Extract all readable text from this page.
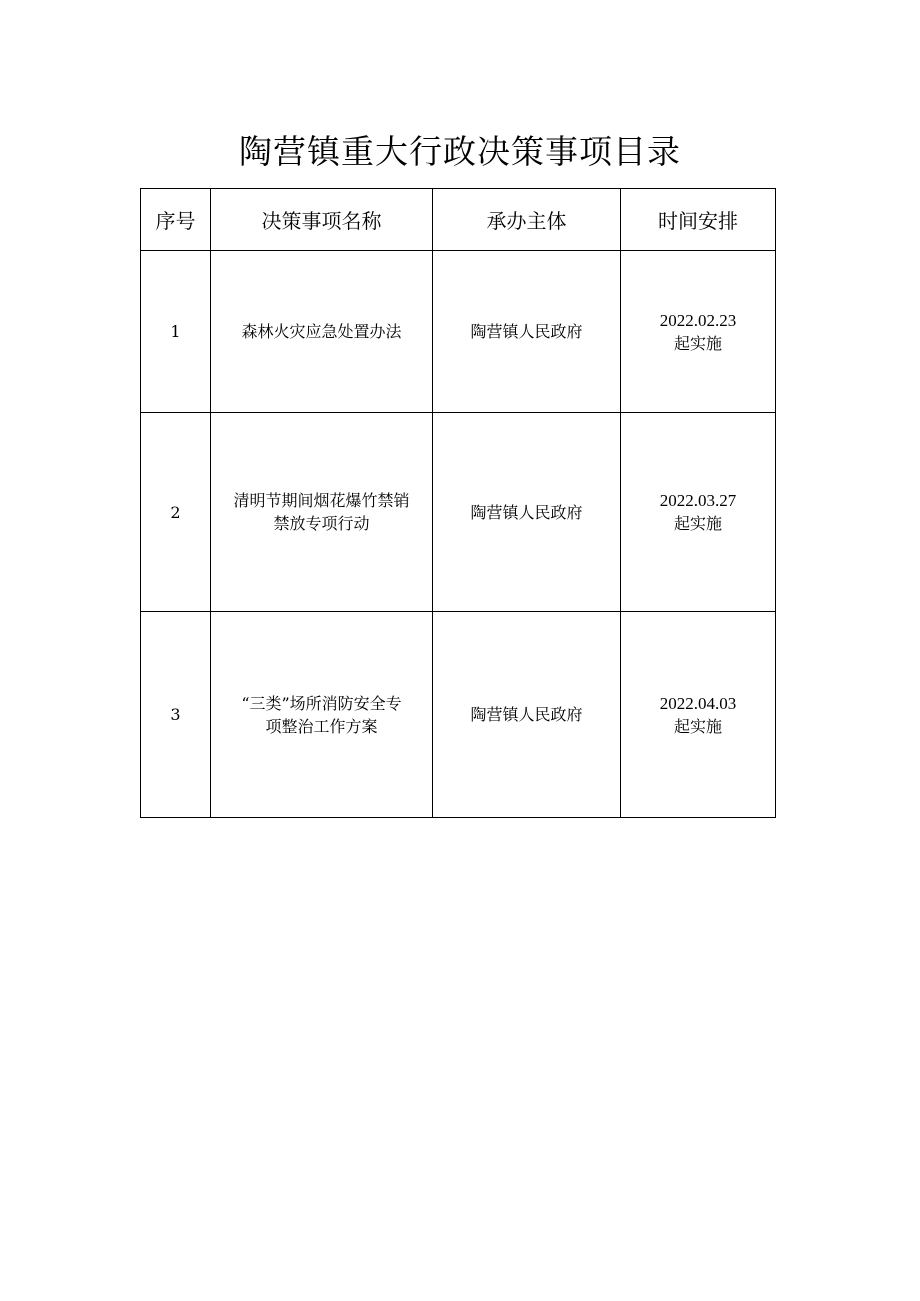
陶营镇重大行政决策事项目录
序号	决策事项名称	承办主体	时间安排
1	森林火灾应急处置办法	陶营镇人民政府	2022.02.23
起实施

2	清明节期间烟花爆竹禁销
禁放专项行动	陶营镇人民政府	2022.03.27
起实施

3	“三类”场所消防安全专
项整治工作方案	陶营镇人民政府	2022.04.03
起实施
